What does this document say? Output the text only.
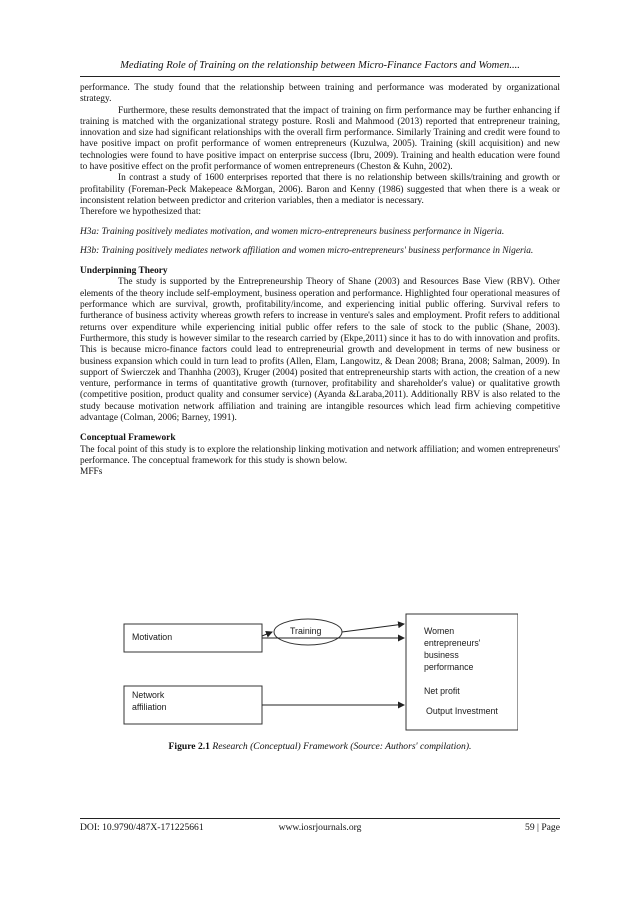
Mediating Role of Training on the relationship between Micro-Finance Factors and Women....

performance. The study found that the relationship between training and performance was moderated by organizational strategy.

Furthermore, these results demonstrated that the impact of training on firm performance may be further enhancing if training is matched with the organizational strategy posture. Rosli and Mahmood (2013) reported that entrepreneur training, innovation and size had significant relationships with the overall firm performance. Similarly Training and credit were found to have positive impact on profit performance of women entrepreneurs (Kuzulwa, 2005). Training (skill acquisition) and new technologies were found to have positive impact on enterprise success (Ibru, 2009). Training and health education were found to have positive effect on the profit performance of women entrepreneurs (Cheston & Kuhn, 2002).

In contrast a study of 1600 enterprises reported that there is no relationship between skills/training and growth or profitability (Foreman-Peck Makepeace &Morgan, 2006). Baron and Kenny (1986) suggested that when there is a weak or inconsistent relation between predictor and criterion variables, then a mediator is necessary.

Therefore we hypothesized that:

H3a: Training positively mediates motivation, and women micro-entrepreneurs business performance in Nigeria.

H3b: Training positively mediates network affiliation and women micro-entrepreneurs' business performance in Nigeria.

Underpinning Theory

The study is supported by the Entrepreneurship Theory of Shane (2003) and Resources Base View (RBV). Other elements of the theory include self-employment, business operation and performance. Highlighted four operational measures of performance which are survival, growth, profitability/income, and experiencing initial public offering. Survival refers to furtherance of business activity whereas growth refers to increase in venture's sales and employment. Profit refers to additional returns over expenditure while experiencing initial public offer refers to the sale of stock to the public (Shane, 2003). Furthermore, this study is however similar to the research carried by (Ekpe,2011) since it has to do with innovation and profits. This is because micro-finance factors could lead to entrepreneurial growth and development in terms of new business or business expansion which could in turn lead to profits (Allen, Elam, Langowitz, & Dean 2008; Brana, 2008; Salman, 2009). In support of Swierczek and Thanhha (2003), Kruger (2004) posited that entrepreneurship starts with action, the creation of a new venture, performance in terms of quantitative growth (turnover, profitability and shareholder's value) or qualitative growth (competitive position, product quality and consumer service) (Ayanda &Laraba,2011). Additionally RBV is also related to the study because motivation network affiliation and training are intangible resources which lead firm achieving competitive advantage (Colman, 2006; Barney, 1991).

Conceptual Framework

The focal point of this study is to explore the relationship linking motivation and network affiliation; and women entrepreneurs' performance. The conceptual framework for this study is shown below.

MFFs

Motivation
Network
affiliation
Training	Women
entrepreneurs'
business
performance
Net profit
Output Investment
Figure 2.1 Research (Conceptual) Framework (Source: Authors' compilation).
DOI: 10.9790/487X-171225661	www.iosrjournals.org	59 | Page
